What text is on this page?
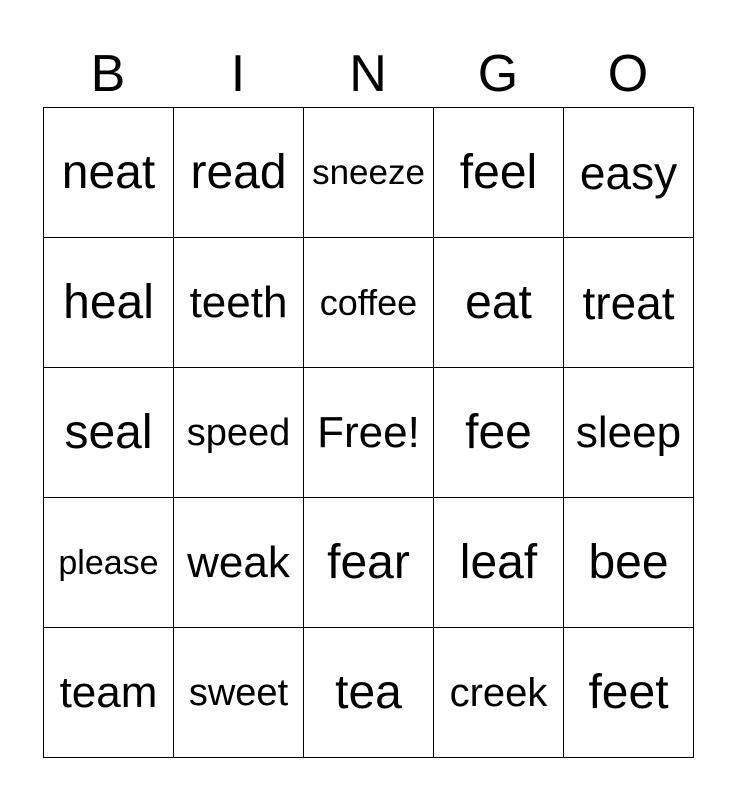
B	I	N	G	O
neat read sneeze feel easy
heal teeth coffee eat	treat
seal speed Free! fee	sleep
please weak fear	leaf	bee
team sweet tea	creek feet
